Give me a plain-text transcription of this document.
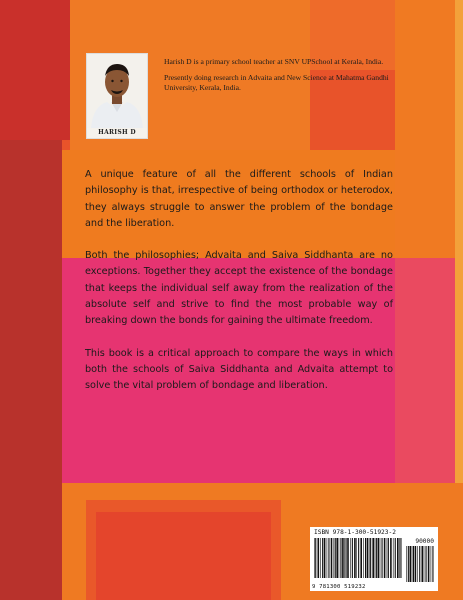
HARISH D

Harish D is a primary school teacher at SNV UPSchool at Kerala, India.

Presently doing research in Advaita and New Science at Mahatma Gandhi University, Kerala, India.

A unique feature of all the different schools of Indian philosophy is that, irrespective of being orthodox or heterodox, they always struggle to answer the problem of the bondage and the liberation.

Both the philosophies; Advaita and Saiva Siddhanta are no exceptions. Together they accept the existence of the bondage that keeps the individual self away from the realization of the absolute self and strive to find the most probable way of breaking down the bonds for gaining the ultimate freedom.

This book is a critical approach to compare the ways in which both the schools of Saiva Siddhanta and Advaita attempt to solve the vital problem of bondage and liberation.

ISBN 978-1-300-51923-2
90000
9 781300 519232
